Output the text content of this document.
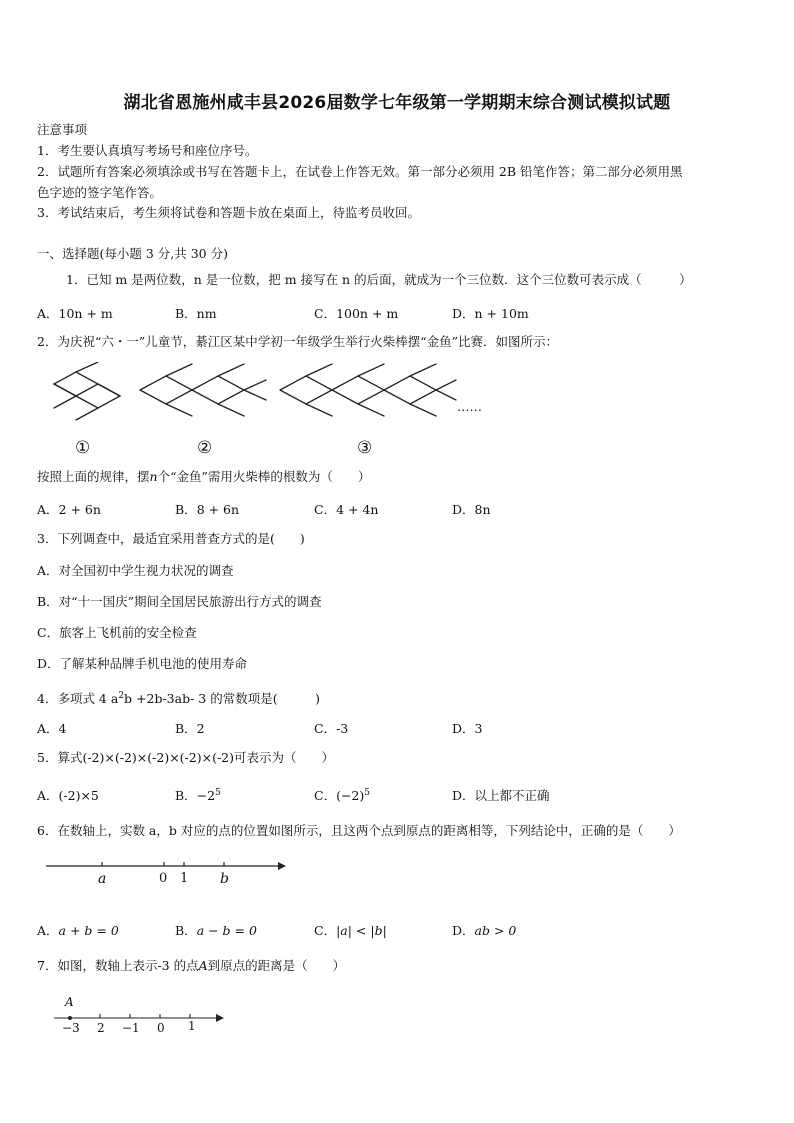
湖北省恩施州咸丰县2026届数学七年级第一学期期末综合测试模拟试题
注意事项
1．考生要认真填写考场号和座位序号。
2．试题所有答案必须填涂或书写在答题卡上，在试卷上作答无效。第一部分必须用 2B 铅笔作答；第二部分必须用黑
色字迹的签字笔作答。
3．考试结束后，考生须将试卷和答题卡放在桌面上，待监考员收回。
一、选择题(每小题 3 分,共 30 分)
1．已知 m 是两位数，n 是一位数，把 m 接写在 n 的后面，就成为一个三位数．这个三位数可表示成（　　　）
A．10n + m	B．nm	C．100n + m	D．n + 10m
2．为庆祝“六・一”儿童节，綦江区某中学初一年级学生举行火柴棒摆“金鱼”比赛．如图所示：
……
①	②	③
按照上面的规律，摆n个“金鱼”需用火柴棒的根数为（　　）
A．2 + 6n	B．8 + 6n	C．4 + 4n	D．8n
3．下列调查中，最适宜采用普查方式的是(　　)
A．对全国初中学生视力状况的调查
B．对“十一国庆”期间全国居民旅游出行方式的调查
C．旅客上飞机前的安全检查
D．了解某种品牌手机电池的使用寿命
4．多项式 4 $a^2b +2b-3ab-$ 3 的常数项是(　　　)
A．4	B．2	C．-3	D．3
5．算式(-2)×(-2)×(-2)×(-2)×(-2)可表示为（　　）
A．(-2)×5	B．$-2^5$	C．$(-2)^5$	D．以上都不正确
6．在数轴上，实数 a，b 对应的点的位置如图所示，且这两个点到原点的距离相等，下列结论中，正确的是（　　）
a	0 1 b
A．a + b = 0	B．a − b = 0	C．|a| < |b|	D．ab > 0
7．如图，数轴上表示-3 的点A到原点的距离是（　　）
A
−3 2 −1 0 1
